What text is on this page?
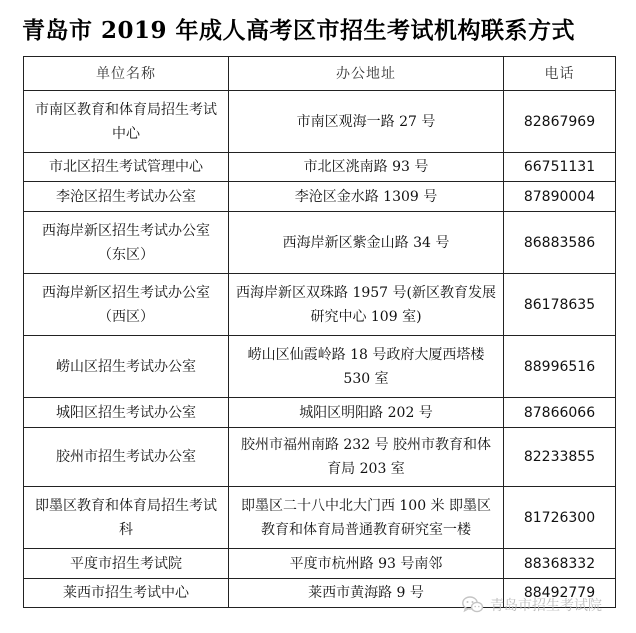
青岛市 2019 年成人高考区市招生考试机构联系方式
单位名称	办公地址	电话
市南区教育和体育局招生考试中心	市南区观海一路 27 号	82867969
市北区招生考试管理中心	市北区洮南路 93 号	66751131
李沧区招生考试办公室	李沧区金水路 1309 号	87890004
西海岸新区招生考试办公室（东区）	西海岸新区紫金山路 34 号	86883586
西海岸新区招生考试办公室（西区）	西海岸新区双珠路 1957 号(新区教育发展研究中心 109 室)	86178635
崂山区招生考试办公室	崂山区仙霞岭路 18 号政府大厦西塔楼 530 室	88996516
城阳区招生考试办公室	城阳区明阳路 202 号	87866066
胶州市招生考试办公室	胶州市福州南路 232 号 胶州市教育和体育局 203 室	82233855
即墨区教育和体育局招生考试科	即墨区二十八中北大门西 100 米 即墨区教育和体育局普通教育研究室一楼	81726300
平度市招生考试院	平度市杭州路 93 号南邻	88368332
莱西市招生考试中心	莱西市黄海路 9 号	88492779
青岛市招生考试院
